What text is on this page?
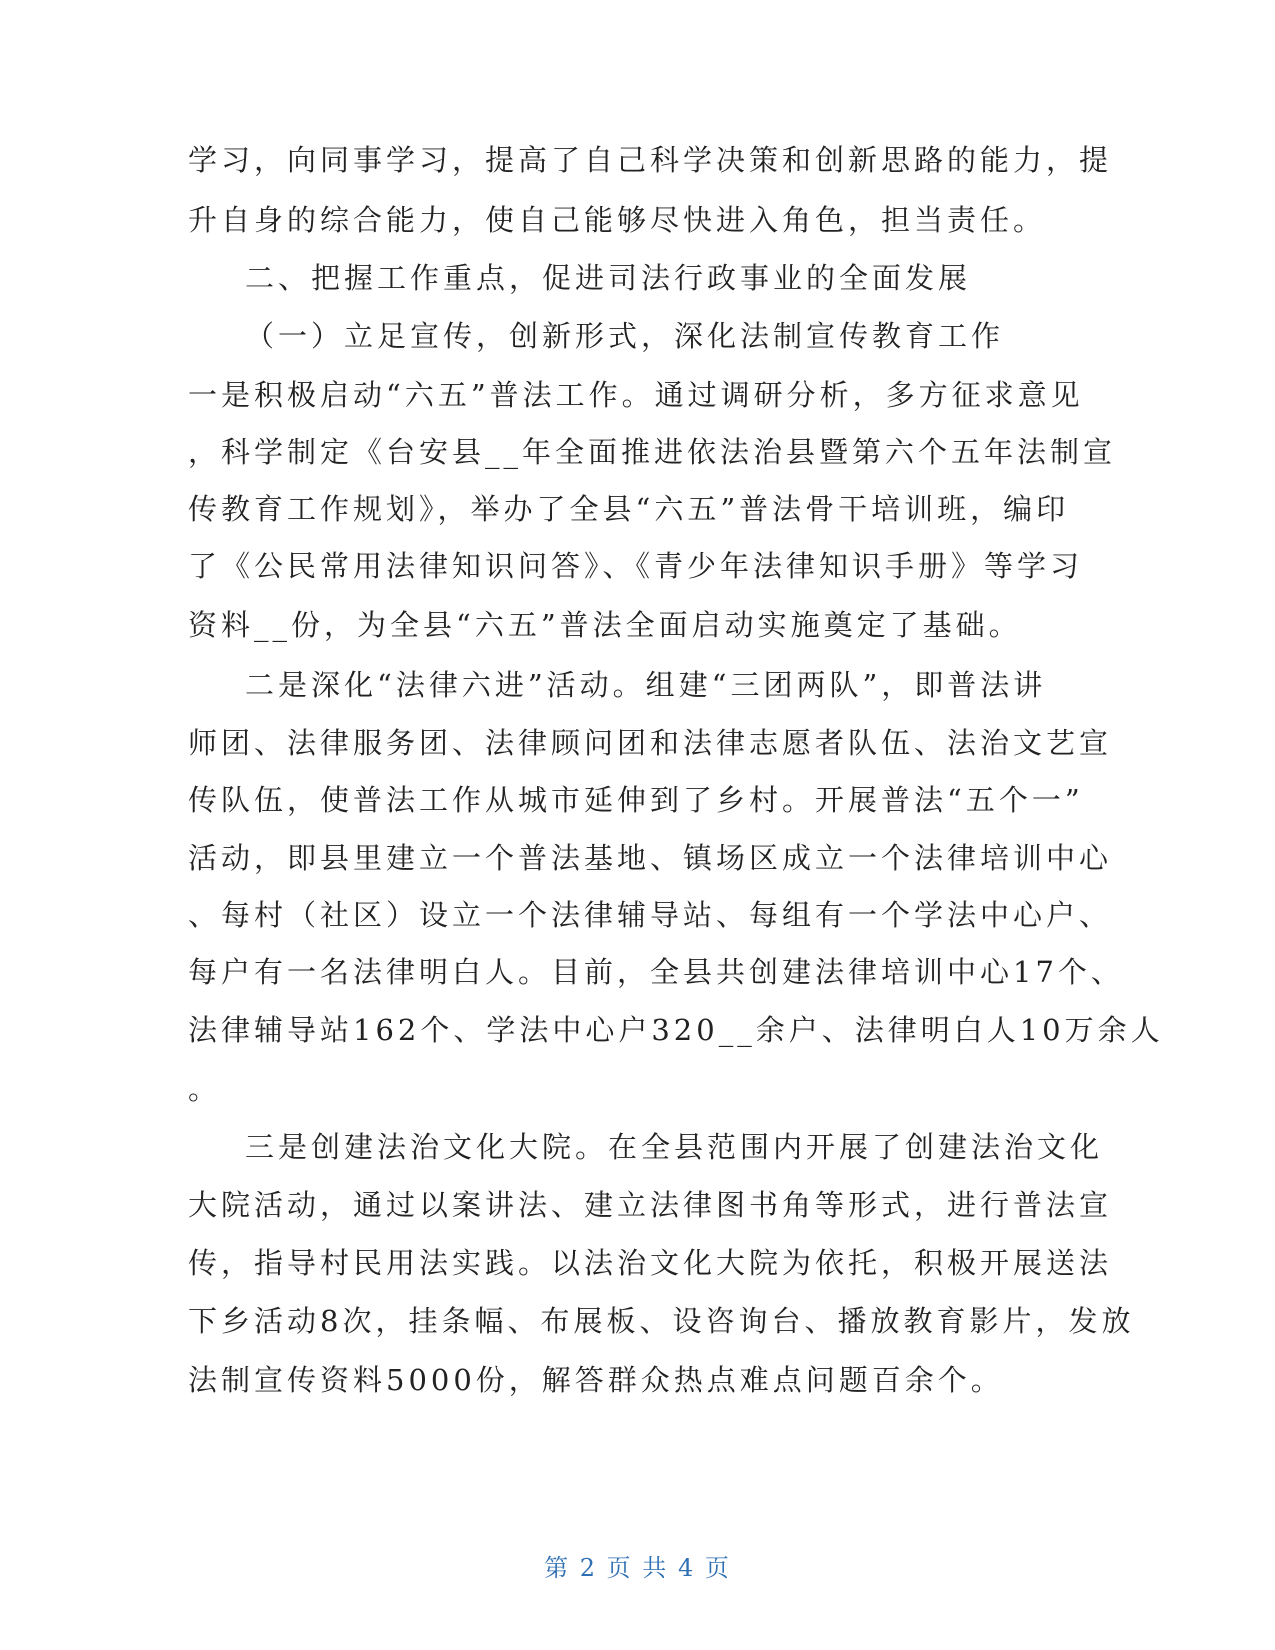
学习，向同事学习，提高了自己科学决策和创新思路的能力，提
升自身的综合能力，使自己能够尽快进入角色，担当责任。
二、把握工作重点，促进司法行政事业的全面发展
（一）立足宣传，创新形式，深化法制宣传教育工作
一是积极启动“六五”普法工作。通过调研分析，多方征求意见
，科学制定《台安县__年全面推进依法治县暨第六个五年法制宣
传教育工作规划》，举办了全县“六五”普法骨干培训班，编印
了《公民常用法律知识问答》、《青少年法律知识手册》等学习
资料__份，为全县“六五”普法全面启动实施奠定了基础。
二是深化“法律六进”活动。组建“三团两队”，即普法讲
师团、法律服务团、法律顾问团和法律志愿者队伍、法治文艺宣
传队伍，使普法工作从城市延伸到了乡村。开展普法“五个一”
活动，即县里建立一个普法基地、镇场区成立一个法律培训中心
、每村（社区）设立一个法律辅导站、每组有一个学法中心户、
每户有一名法律明白人。目前，全县共创建法律培训中心17个、
法律辅导站162个、学法中心户320__余户、法律明白人10万余人
。
三是创建法治文化大院。在全县范围内开展了创建法治文化
大院活动，通过以案讲法、建立法律图书角等形式，进行普法宣
传，指导村民用法实践。以法治文化大院为依托，积极开展送法
下乡活动8次，挂条幅、布展板、设咨询台、播放教育影片，发放
法制宣传资料5000份，解答群众热点难点问题百余个。
第 2 页 共 4 页
